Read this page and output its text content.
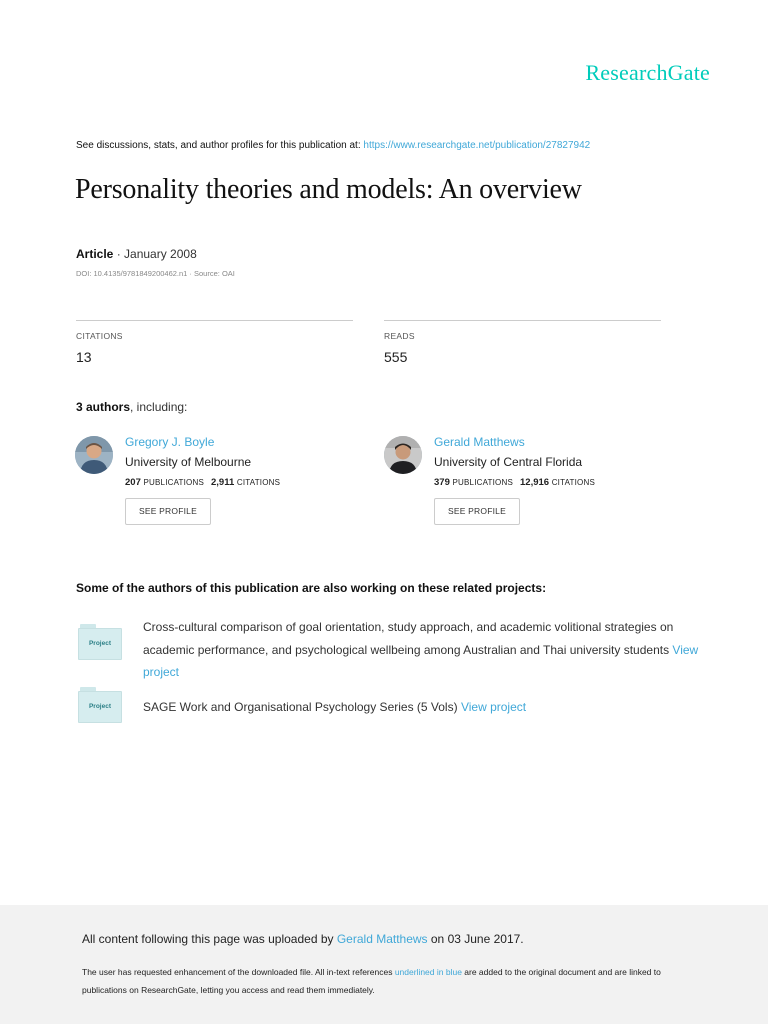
ResearchGate
See discussions, stats, and author profiles for this publication at: https://www.researchgate.net/publication/27827942
Personality theories and models: An overview
Article · January 2008
DOI: 10.4135/9781849200462.n1 · Source: OAI
CITATIONS
13
READS
555
3 authors, including:
Gregory J. Boyle
University of Melbourne
207 PUBLICATIONS 2,911 CITATIONS
SEE PROFILE
Gerald Matthews
University of Central Florida
379 PUBLICATIONS 12,916 CITATIONS
SEE PROFILE
Some of the authors of this publication are also working on these related projects:
Project
Cross-cultural comparison of goal orientation, study approach, and academic volitional strategies on academic performance, and psychological wellbeing among Australian and Thai university students View project
Project	SAGE Work and Organisational Psychology Series (5 Vols) View project
All content following this page was uploaded by Gerald Matthews on 03 June 2017.
The user has requested enhancement of the downloaded file. All in-text references underlined in blue are added to the original document and are linked to publications on ResearchGate, letting you access and read them immediately.
